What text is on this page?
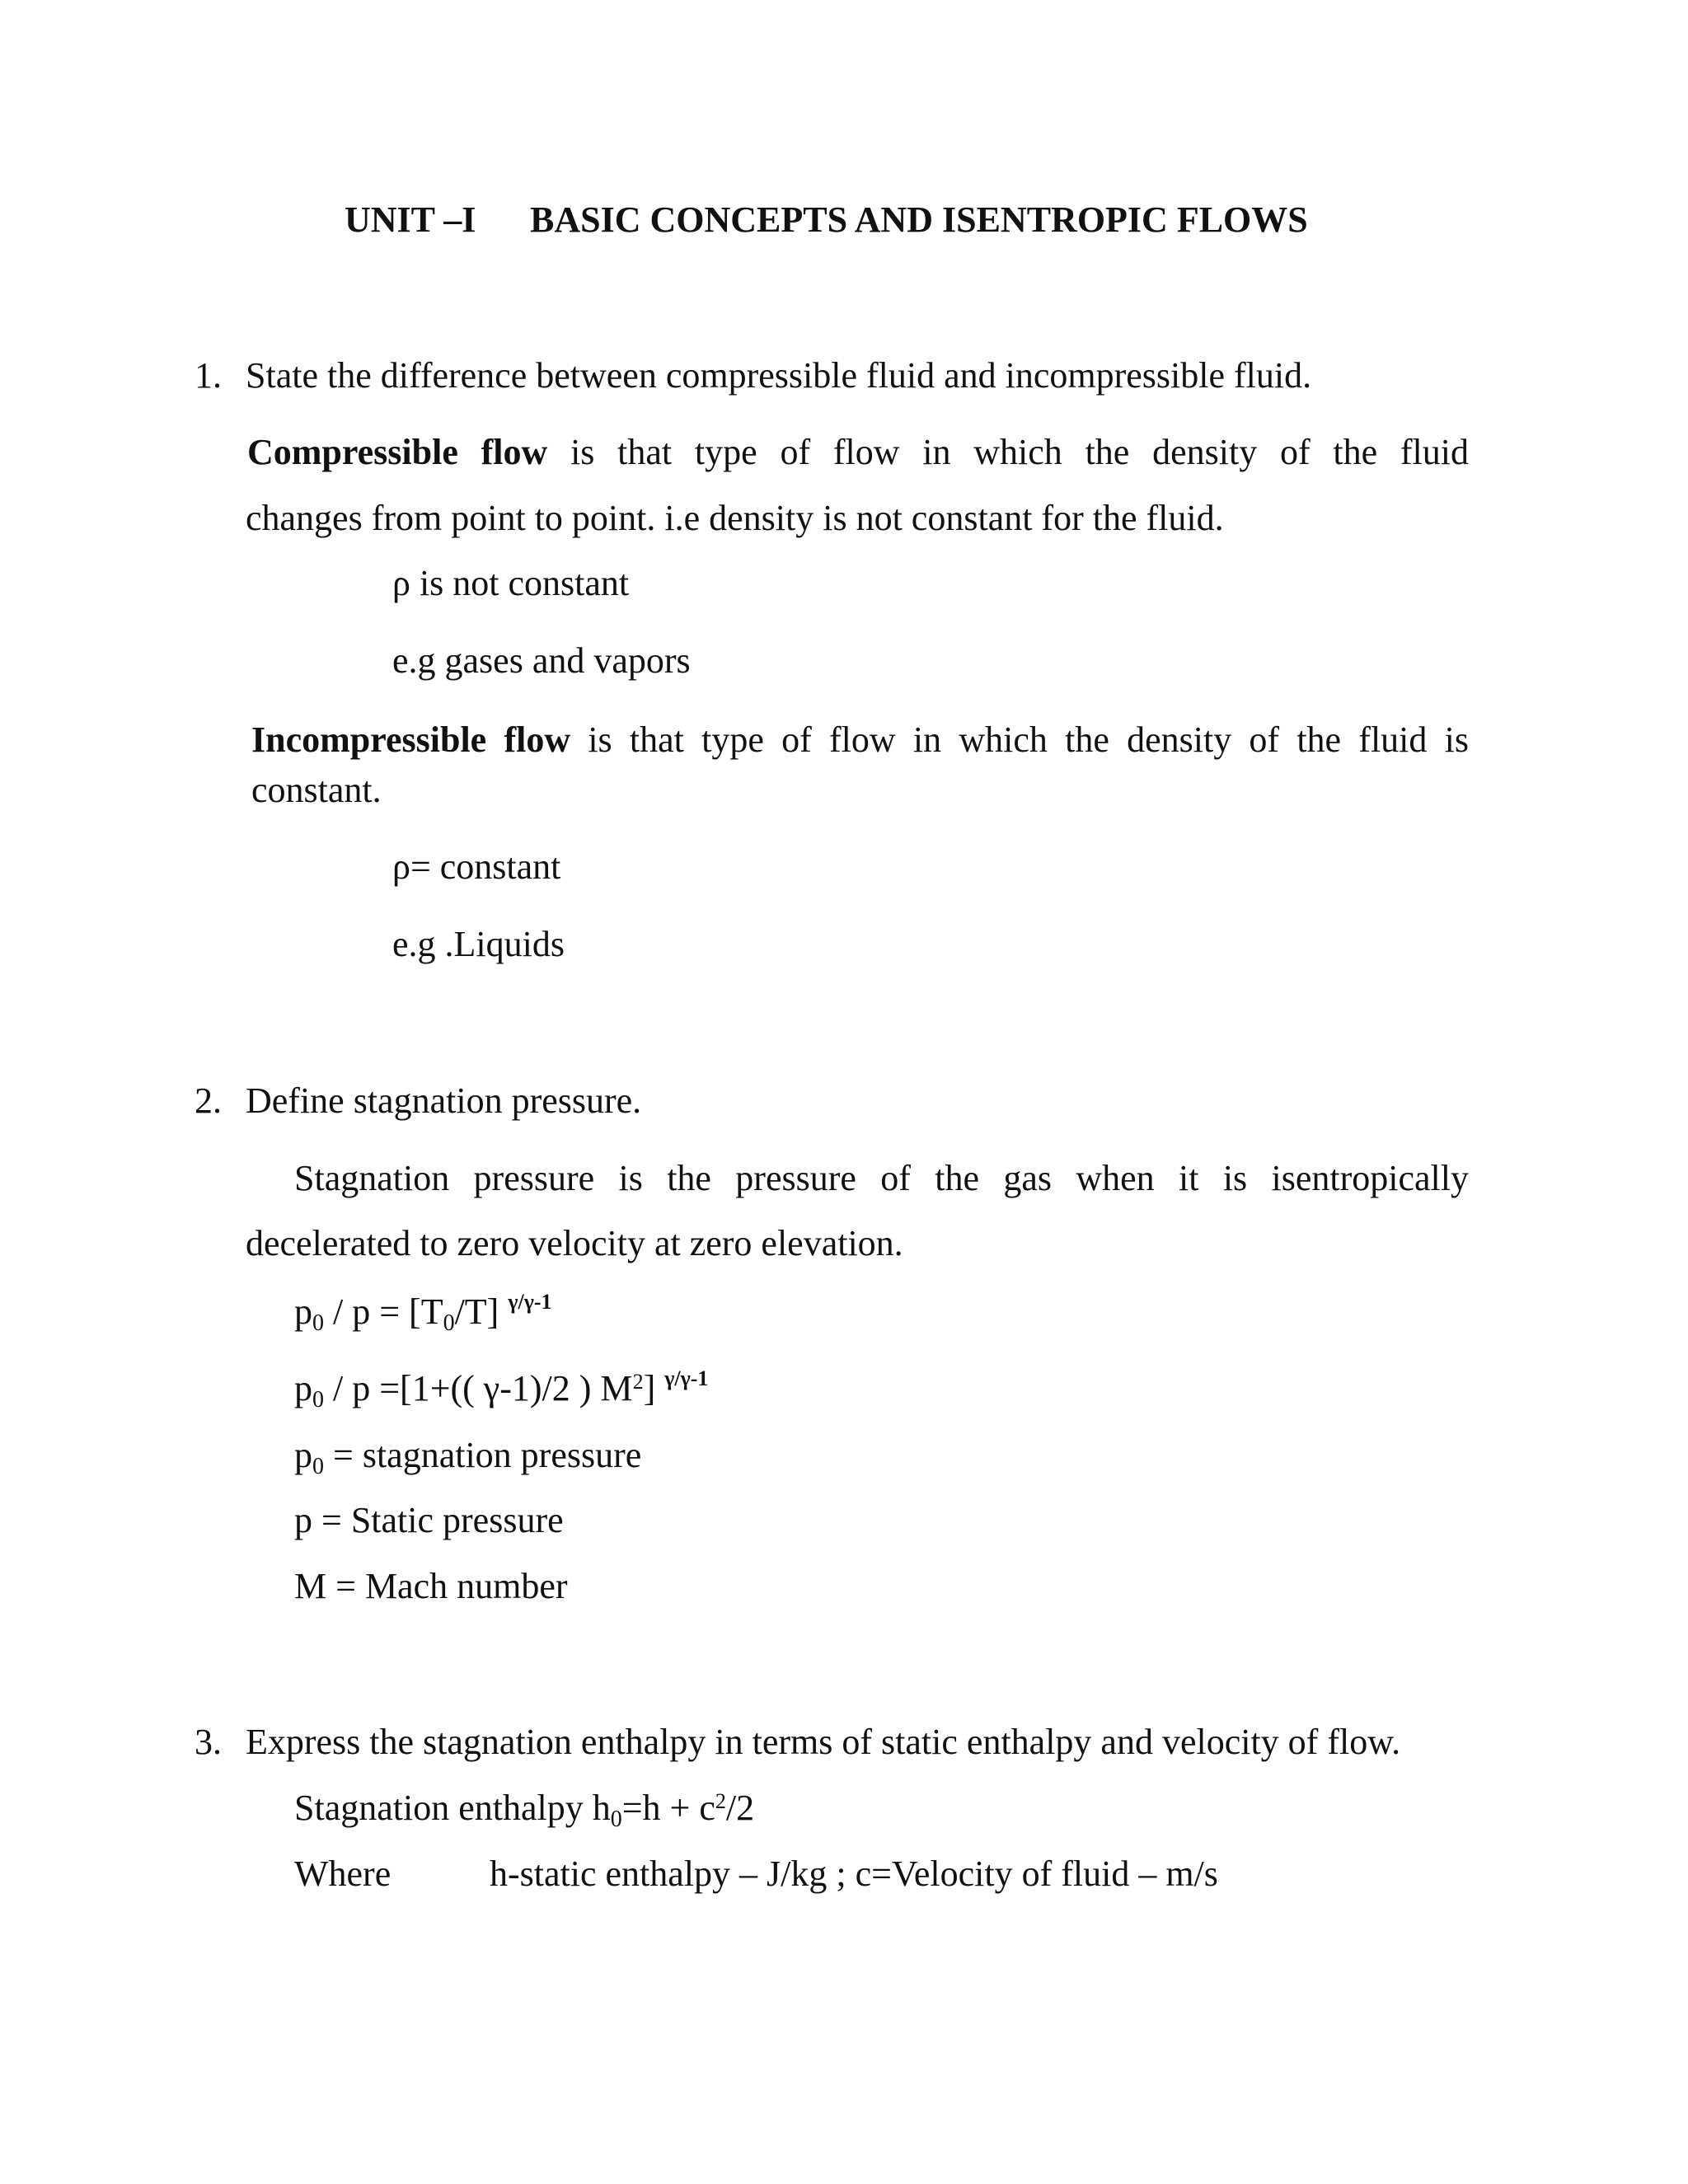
UNIT –I BASIC CONCEPTS AND ISENTROPIC FLOWS
1. State the difference between compressible fluid and incompressible fluid.
Compressible flow is that type of flow in which the density of the fluid
changes from point to point. i.e density is not constant for the fluid.
ρ is not constant
e.g gases and vapors
Incompressible flow is that type of flow in which the density of the fluid is
constant.
ρ= constant
e.g .Liquids
2. Define stagnation pressure.
Stagnation pressure is the pressure of the gas when it is isentropically
decelerated to zero velocity at zero elevation.
$p_0 / p = [T_0/T]$ $^{\gamma/\gamma-1}$
$p_0 / p =[1+$(( γ-1)/2 ) $M^2$] $^{\gamma/\gamma-1}$
$p_0$ = stagnation pressure
p = Static pressure
M = Mach number
3. Express the stagnation enthalpy in terms of static enthalpy and velocity of flow.
Stagnation enthalpy $h_0=h + c^2/2$
Where	h-static enthalpy – J/kg ; c=Velocity of fluid – m/s
